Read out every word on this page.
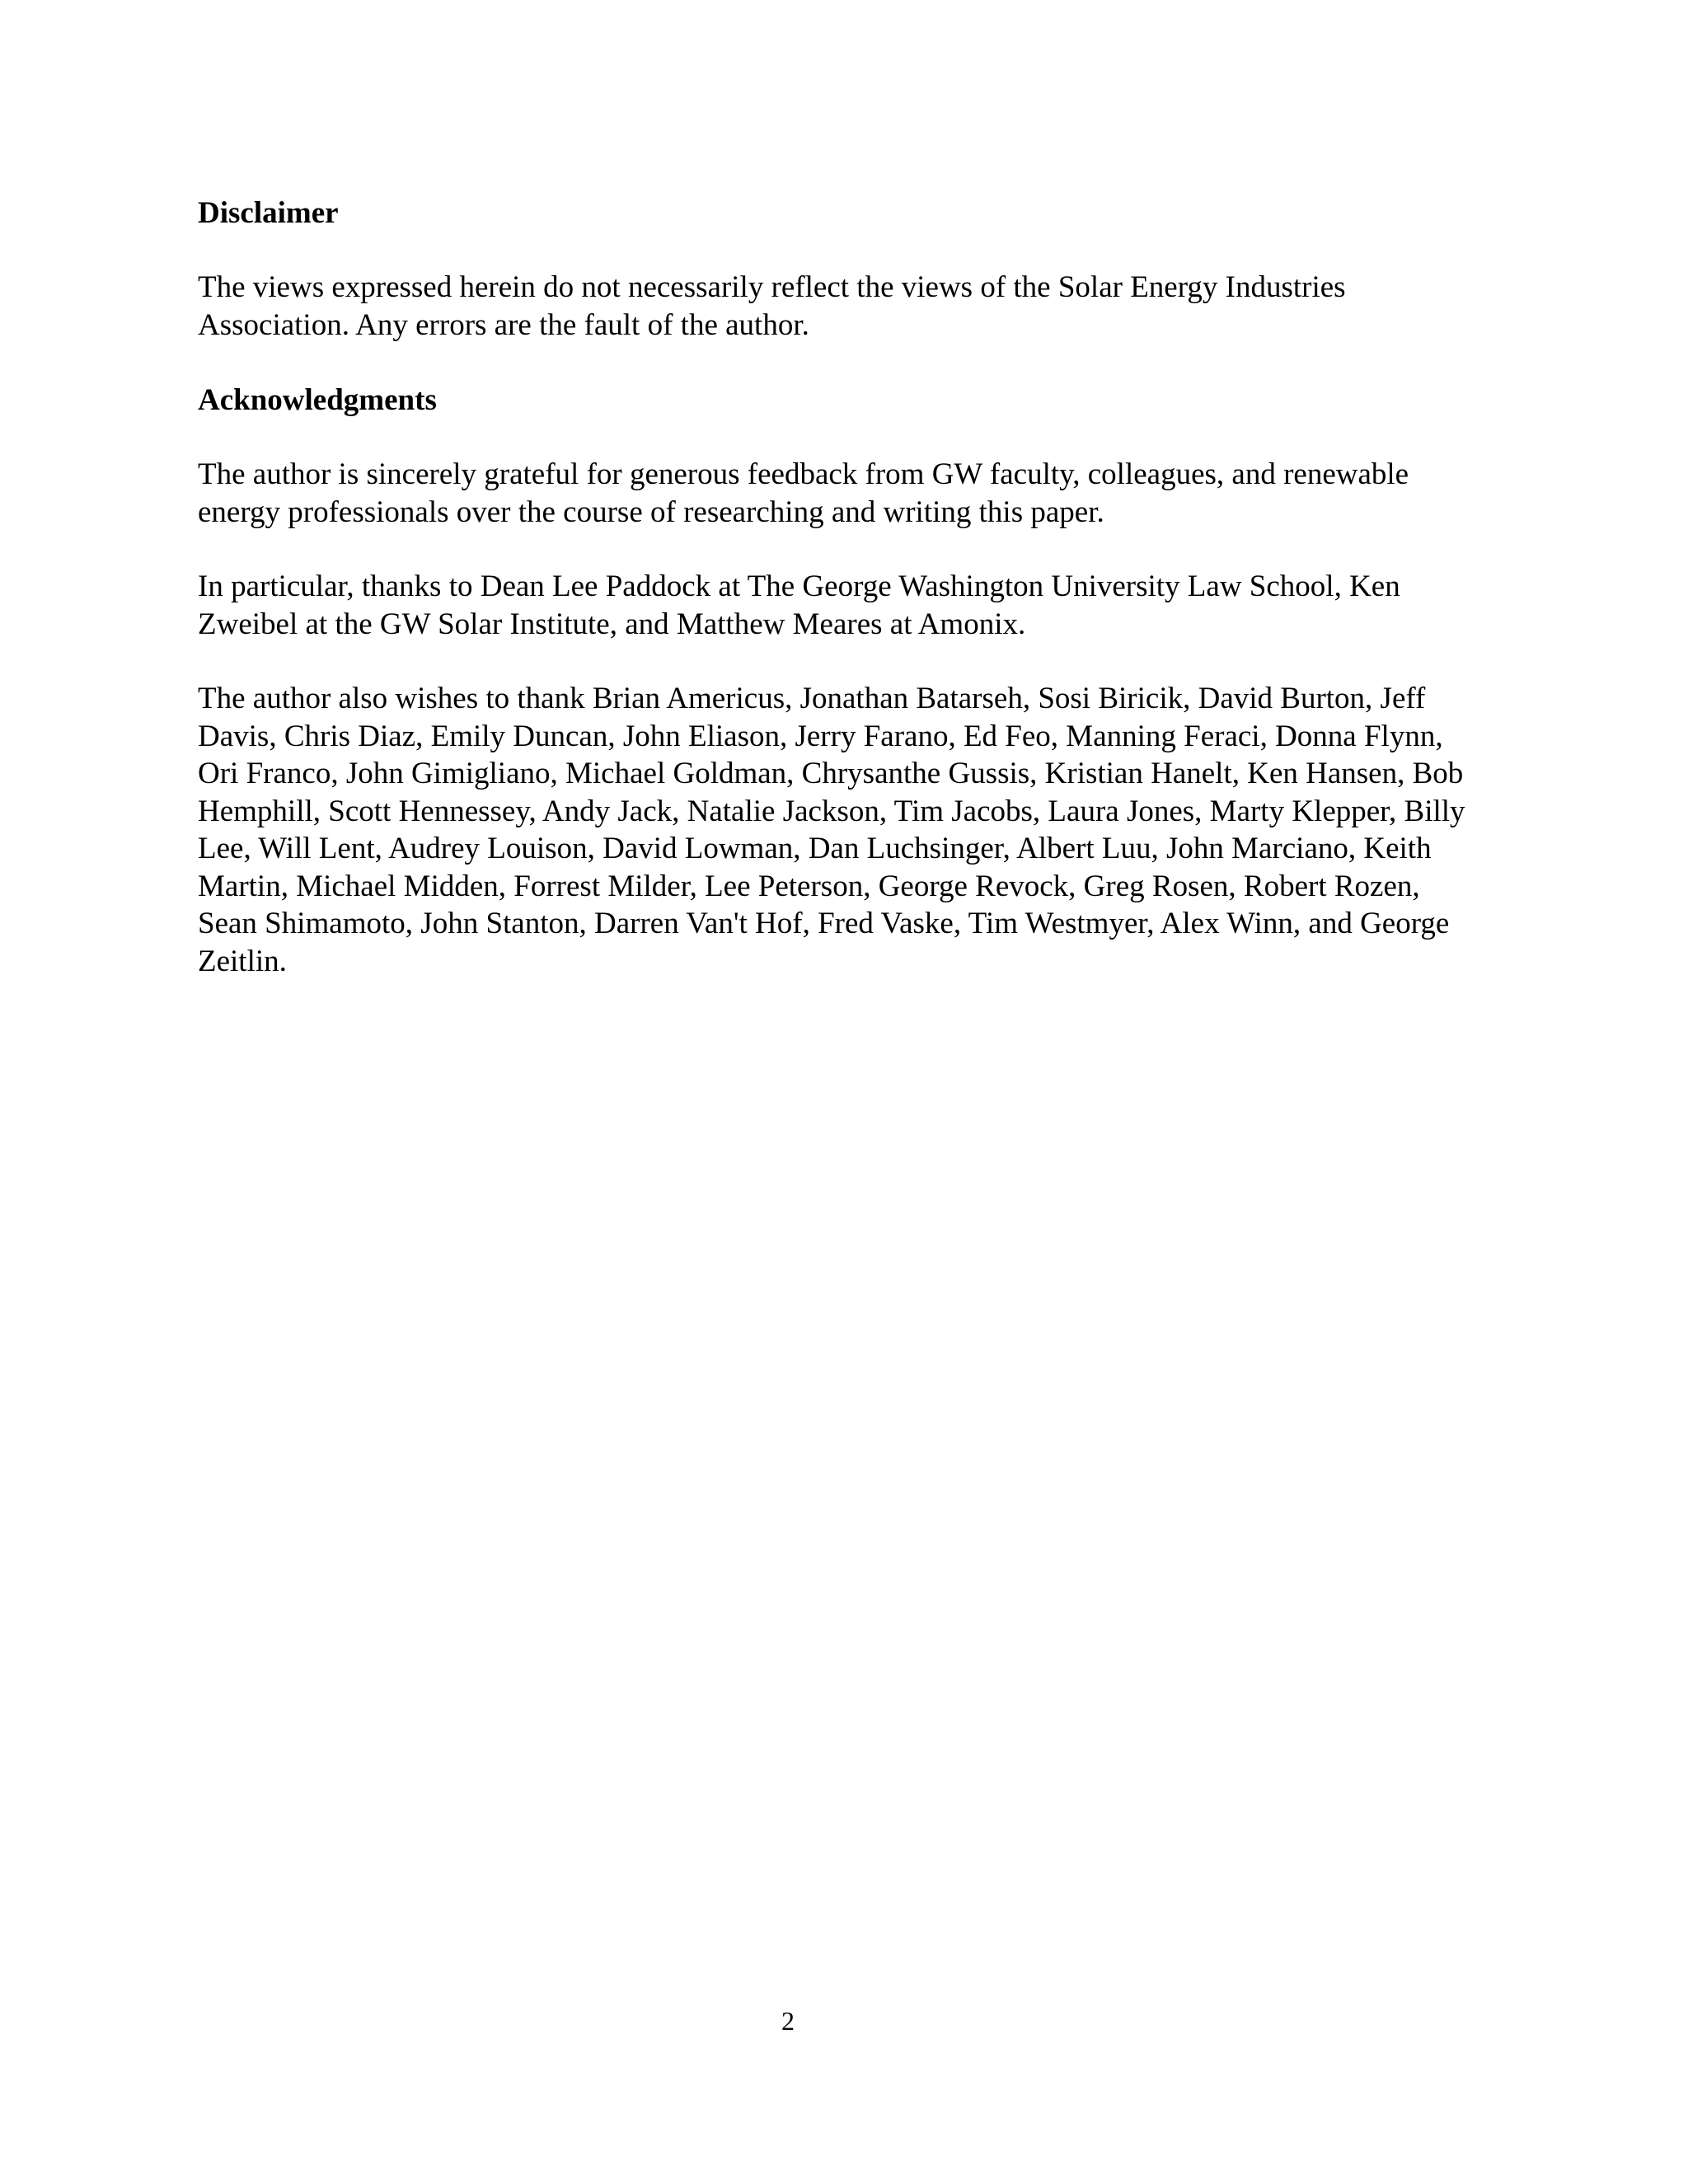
Disclaimer

The views expressed herein do not necessarily reflect the views of the Solar Energy Industries Association. Any errors are the fault of the author.

Acknowledgments

The author is sincerely grateful for generous feedback from GW faculty, colleagues, and renewable energy professionals over the course of researching and writing this paper.

In particular, thanks to Dean Lee Paddock at The George Washington University Law School, Ken Zweibel at the GW Solar Institute, and Matthew Meares at Amonix.

The author also wishes to thank Brian Americus, Jonathan Batarseh, Sosi Biricik, David Burton, Jeff Davis, Chris Diaz, Emily Duncan, John Eliason, Jerry Farano, Ed Feo, Manning Feraci, Donna Flynn, Ori Franco, John Gimigliano, Michael Goldman, Chrysanthe Gussis, Kristian Hanelt, Ken Hansen, Bob Hemphill, Scott Hennessey, Andy Jack, Natalie Jackson, Tim Jacobs, Laura Jones, Marty Klepper, Billy Lee, Will Lent, Audrey Louison, David Lowman, Dan Luchsinger, Albert Luu, John Marciano, Keith Martin, Michael Midden, Forrest Milder, Lee Peterson, George Revock, Greg Rosen, Robert Rozen, Sean Shimamoto, John Stanton, Darren Van't Hof, Fred Vaske, Tim Westmyer, Alex Winn, and George Zeitlin.

2
